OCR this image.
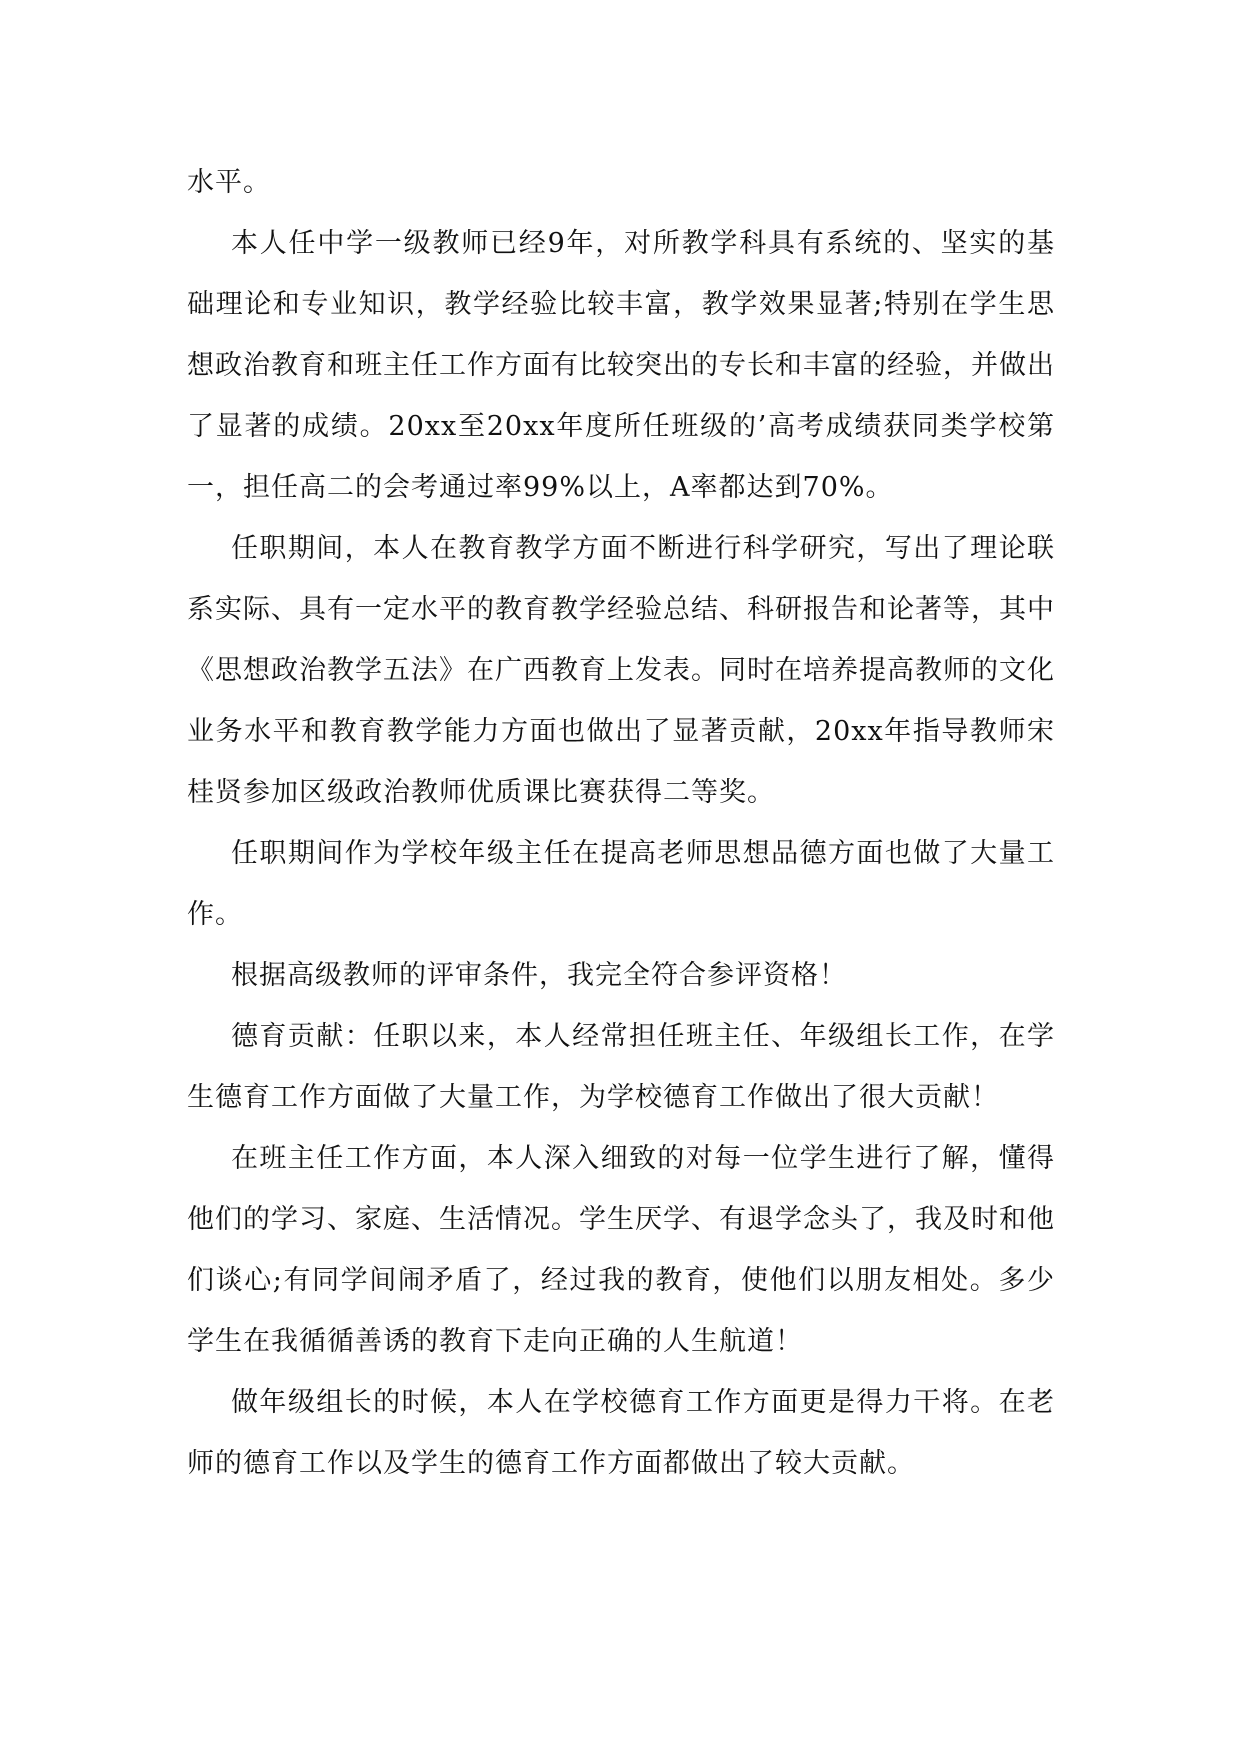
水平。

本人任中学一级教师已经9年，对所教学科具有系统的、坚实的基础理论和专业知识，教学经验比较丰富，教学效果显著;特别在学生思想政治教育和班主任工作方面有比较突出的专长和丰富的经验，并做出了显著的成绩。20xx至20xx年度所任班级的’高考成绩获同类学校第一，担任高二的会考通过率99%以上，A率都达到70%。

任职期间，本人在教育教学方面不断进行科学研究，写出了理论联系实际、具有一定水平的教育教学经验总结、科研报告和论著等，其中《思想政治教学五法》在广西教育上发表。同时在培养提高教师的文化业务水平和教育教学能力方面也做出了显著贡献，20xx年指导教师宋桂贤参加区级政治教师优质课比赛获得二等奖。

任职期间作为学校年级主任在提高老师思想品德方面也做了大量工作。

根据高级教师的评审条件，我完全符合参评资格！

德育贡献：任职以来，本人经常担任班主任、年级组长工作，在学生德育工作方面做了大量工作，为学校德育工作做出了很大贡献！

在班主任工作方面，本人深入细致的对每一位学生进行了解，懂得他们的学习、家庭、生活情况。学生厌学、有退学念头了，我及时和他们谈心;有同学间闹矛盾了，经过我的教育，使他们以朋友相处。多少学生在我循循善诱的教育下走向正确的人生航道！

做年级组长的时候，本人在学校德育工作方面更是得力干将。在老师的德育工作以及学生的德育工作方面都做出了较大贡献。
